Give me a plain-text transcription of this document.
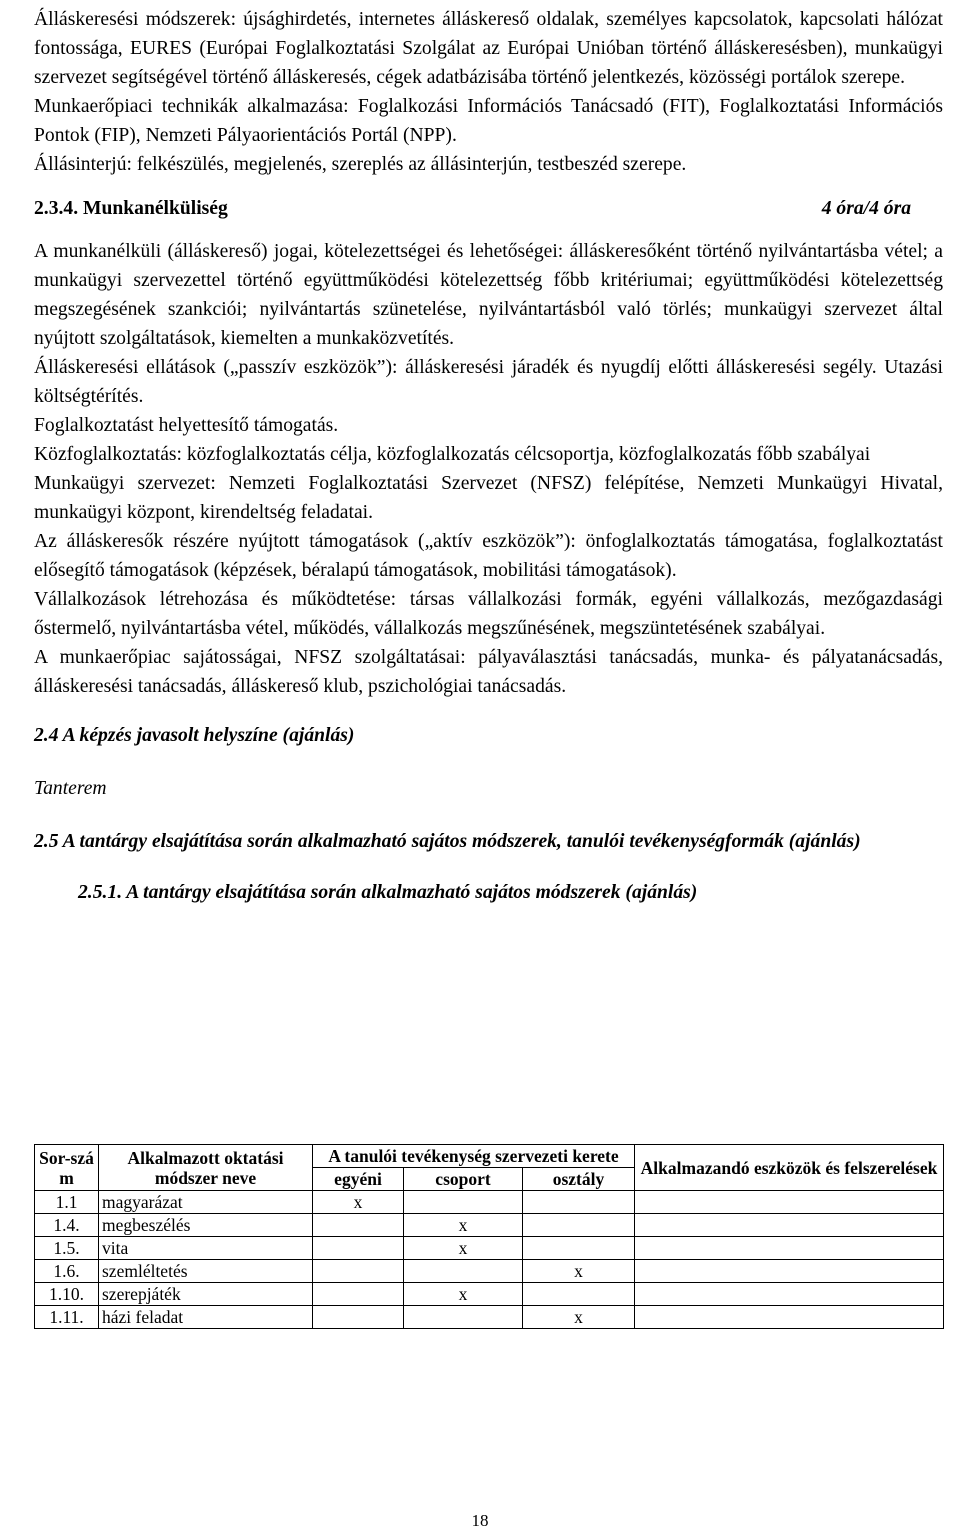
Álláskeresési módszerek: újsághirdetés, internetes álláskereső oldalak, személyes kapcsolatok, kapcsolati hálózat fontossága, EURES (Európai Foglalkoztatási Szolgálat az Európai Unióban történő álláskeresésben), munkaügyi szervezet segítségével történő álláskeresés, cégek adatbázisába történő jelentkezés, közösségi portálok szerepe.

Munkaerőpiaci technikák alkalmazása: Foglalkozási Információs Tanácsadó (FIT), Foglalkoztatási Információs Pontok (FIP), Nemzeti Pályaorientációs Portál (NPP).

Állásinterjú: felkészülés, megjelenés, szereplés az állásinterjún, testbeszéd szerepe.

2.3.4. Munkanélküliség	4 óra/4 óra

A munkanélküli (álláskereső) jogai, kötelezettségei és lehetőségei: álláskeresőként történő nyilvántartásba vétel; a munkaügyi szervezettel történő együttműködési kötelezettség főbb kritériumai; együttműködési kötelezettség megszegésének szankciói; nyilvántartás szünetelése, nyilvántartásból való törlés; munkaügyi szervezet által nyújtott szolgáltatások, kiemelten a munkaközvetítés.

Álláskeresési ellátások („passzív eszközök”): álláskeresési járadék és nyugdíj előtti álláskeresési segély. Utazási költségtérítés.

Foglalkoztatást helyettesítő támogatás.

Közfoglalkoztatás: közfoglalkoztatás célja, közfoglalkozatás célcsoportja, közfoglalkozatás főbb szabályai

Munkaügyi szervezet: Nemzeti Foglalkoztatási Szervezet (NFSZ) felépítése, Nemzeti Munkaügyi Hivatal, munkaügyi központ, kirendeltség feladatai.

Az álláskeresők részére nyújtott támogatások („aktív eszközök”): önfoglalkoztatás támogatása, foglalkoztatást elősegítő támogatások (képzések, béralapú támogatások, mobilitási támogatások).

Vállalkozások létrehozása és működtetése: társas vállalkozási formák, egyéni vállalkozás, mezőgazdasági őstermelő, nyilvántartásba vétel, működés, vállalkozás megszűnésének, megszüntetésének szabályai.

A munkaerőpiac sajátosságai, NFSZ szolgáltatásai: pályaválasztási tanácsadás, munka- és pályatanácsadás, álláskeresési tanácsadás, álláskereső klub, pszichológiai tanácsadás.

2.4 A képzés javasolt helyszíne (ajánlás)

Tanterem

2.5 A tantárgy elsajátítása során alkalmazható sajátos módszerek, tanulói tevékenységformák (ajánlás)

2.5.1. A tantárgy elsajátítása során alkalmazható sajátos módszerek (ajánlás)

Sor-szám	Alkalmazott oktatási módszer neve	A tanulói tevékenység szervezeti kerete			Alkalmazandó eszközök és felszerelések
		egyéni	csoport	osztály	
1.1	magyarázat	x			
1.4.	megbeszélés		x		
1.5.	vita		x		
1.6.	szemléltetés			x	
1.10.	szerepjáték		x		
1.11.	házi feladat			x	
18
